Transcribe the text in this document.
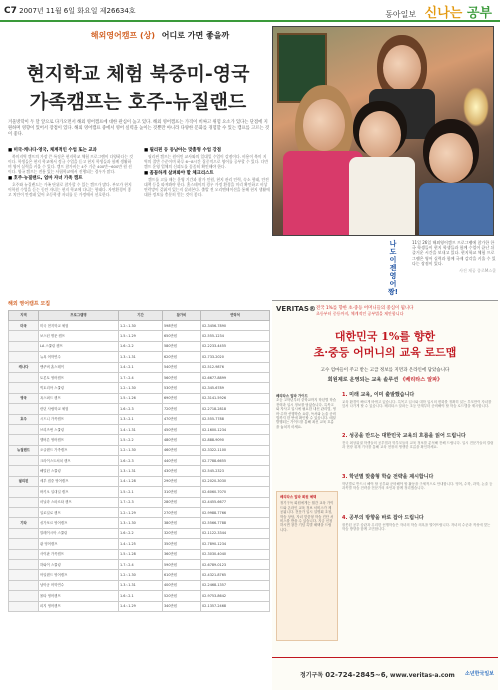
C7 2007년 11월 6일 화요일 제26634호	동아일보 신나는 공부
해외영어캠프 (상) 어디로 가면 좋을까
현지학교 체험 북중미-영국
가족캠프는 호주-뉴질랜드
겨울방학이 두 달 앞으로 다가오면서 해외 영어캠프에 대한 관심이 높고 있다. 해외 영어캠프는 가격이 비싸고 위험 요소가 있다는 단점에 지원하며 영향이 있어서 장점이 있다. 해외 영어캠프 중에서 영어 실력을 높이는 것뿐만 아니라 다양한 문화를 경험할 수 있는 캠프를 고르는 것이 좋다.
■ 미국·캐나다·영국, 체계적인 수업 또는 교과

북미지역 캠프의 가장 큰 특징은 현지학교 체험 프로그램이 다양하다는 것이다. 학생들은 현지 학교에서 정규 수업을 듣고 현지 학생들과 함께 생활하며 영어 실력을 키울 수 있다. 캠프 참가비는 4주 기준 400만∼600만 원 선이다. 영국 캠프는 전통 있는 사립학교에서 진행되는 경우가 많다.

■ 호주·뉴질랜드, 엄마 자녀 가족 캠프

호주와 뉴질랜드는 가족 단위로 참가할 수 있는 캠프가 많다. 부모가 현지 어학원 수업을 듣는 동안 자녀는 현지 학교에 다니는 형태다. 자연환경이 좋고 치안이 안정돼 있어 초등학생 자녀를 둔 가정에서 선호한다.

■ 필리핀 등 동남아는 맞춤형 수업 강점

필리핀 캠프는 원어민 교사와의 일대일 수업이 강점이다. 비용이 북미 지역의 절반 수준이며 하루 6∼8시간 집중적으로 영어를 공부할 수 있다. 다만 캠프 운영 업체의 신뢰도를 꼼꼼히 확인해야 한다.

■ 꼼꼼하게 살펴봐야 할 체크리스트

캠프를 고를 때는 운영 기간과 참가 인원, 현지 관리 인력, 숙소 형태, 안전 대책 등을 따져봐야 한다. 홈스테이의 경우 가정 환경을 미리 확인하고 비상 연락망이 갖춰져 있는지 살펴본다. 출발 전 오리엔테이션을 통해 현지 생활에 대한 정보를 충분히 얻는 것이 좋다.

나
도
이
젠
영
어
짱!
11일 26일 해외영어캠프 프로그램에 참가한 한국 학생들이 현지 학생들과 함께 수업이 끝난 뒤 즐거운 시간을 보내고 있다. 현지학교 체험 프로그램은 영어 실력과 함께 국제 감각을 키울 수 있다는 장점이 있다.
사진 제공 종로M스쿨
해외 영어캠프 모집
지역	프로그램명	기간	참가비	연락처
미국	미국 현지학교 체험	1.2∼1.30	598만원	02-3456-7890
	보스턴 명문 캠프	1.5∼1.29	650만원	02-555-1234
	LA 스쿨링 캠프	1.6∼2.2	580만원	02-2233-4455
	뉴욕 어학연수	1.3∼1.31	620만원	02-733-2020
캐나다	밴쿠버 홈스테이	1.4∼2.1	540만원	02-512-9876
	토론토 영어캠프	1.7∼2.4	560만원	02-6677-8899
	빅토리아 스쿨링	1.2∼1.30	530만원	02-345-6789
영국	옥스퍼드 캠프	1.5∼1.26	690만원	02-3141-5926
	런던 사립학교 체험	1.6∼2.3	720만원	02-2718-2818
호주	시드니 가족캠프	1.3∼2.1	470만원	02-555-7788
	브리즈번 스쿨링	1.4∼1.31	450만원	02-1600-1234
	멜버른 영어캠프	1.5∼2.2	480만원	02-888-9090
뉴질랜드	오클랜드 가족캠프	1.2∼1.30	460만원	02-3322-1100
	크라이스트처치 캠프	1.6∼2.3	440만원	02-7788-6655
	해밀턴 스쿨링	1.3∼1.31	430만원	02-545-2323
필리핀	세부 집중 영어캠프	1.4∼1.28	290만원	02-2020-3030
	바기오 일대일 캠프	1.5∼2.1	310만원	02-6060-7070
	마닐라 스파르타 캠프	1.7∼2.3	280만원	02-4455-6677
	일로일로 캠프	1.2∼1.29	270만원	02-9988-7766
기타	싱가포르 영어캠프	1.3∼1.30	380만원	02-5566-7788
	말레이시아 스쿨링	1.6∼2.2	320만원	02-1122-3344
	괌 영어캠프	1.4∼1.25	350만원	02-7890-1234
	사이판 가족캠프	1.5∼1.28	360만원	02-3030-4040
	하와이 스쿨링	1.7∼2.4	590만원	02-6789-0123
	아일랜드 영어캠프	1.2∼1.30	610만원	02-4321-8765
	남아공 어학연수	1.3∼1.31	400만원	02-2468-1357
	몰타 영어캠프	1.6∼2.1	520만원	02-9753-8642
	피지 영어캠프	1.4∼1.29	340만원	02-1357-2468
VERITAS® 전국 1%를 향한 초·중등 어머니들의 중심이 됩니다
초등부터 중등까지, 체계적인 공부법을 제안합니다
대한민국 1%를 향한
초·중등 어머니의 교육 로드맵
고수 엄마들이 주고 받는 고급 정보를 지면과 온라인에 담았습니다
회원제로 운영되는 교육 솔루션 《베리타스 알파》
베리타스 알파 가이드
초등 고학년부터 중학교까지 학년별 학습 전략과 입시 정보를 담았습니다. 특목고와 자사고 입시에 필요한 내신 관리법, 영어·수학 선행학습 요령, 독서와 논술 준비법까지 한 번에 확인할 수 있습니다. 매달 발행되는 가이드를 통해 최신 교육 흐름을 놓치지 마세요.
베리타스 알파 회원 혜택
정기구독 회원에게는 월간 교육 가이드와 온라인 교육 정보 서비스가 제공됩니다. 전문가 입시 설명회 초청, 학습 상담, 자녀 맞춤형 학습 진단 서비스를 받을 수 있습니다. 지금 신청하시면 창간 기념 특별 혜택을 드립니다.
1. 미래 교육, 이미 출발했습니다
교육 환경이 빠르게 바뀌고 있습니다. 특목고 입시와 대학 입시의 변화를 정확히 읽는 부모만이 자녀를 앞서 나가게 할 수 있습니다. 베리타스 알파는 초등 단계부터 준비해야 할 학습 로드맵을 제시합니다.
2. 성공을 만드는 대한민국 교육의 흐름을 읽어 드립니다
전국 최상위권 학생들의 공부법과 학부모들의 교육 정보를 분석해 전해 드립니다. 입시 전문가들의 칼럼과 현장 취재 기사를 통해 교육 현장의 생생한 흐름을 확인하세요.
3. 학년별 맞춤형 학습 전략을 제시합니다
학년별로 반드시 해야 할 공부와 준비해야 할 활동을 구체적으로 안내합니다. 영어, 수학, 과학, 논술 등 과목별 학습 전략을 전문가의 조언과 함께 정리했습니다.
4. 공부의 방향을 바로 잡아 드립니다
잘못된 공부 습관과 무리한 선행학습은 자녀의 학습 의욕을 떨어뜨립니다. 자녀의 수준과 적성에 맞는 학습 방향을 함께 고민합니다.
정기구독 02-724-2845~6, www.veritas-a.com 소년한국일보
